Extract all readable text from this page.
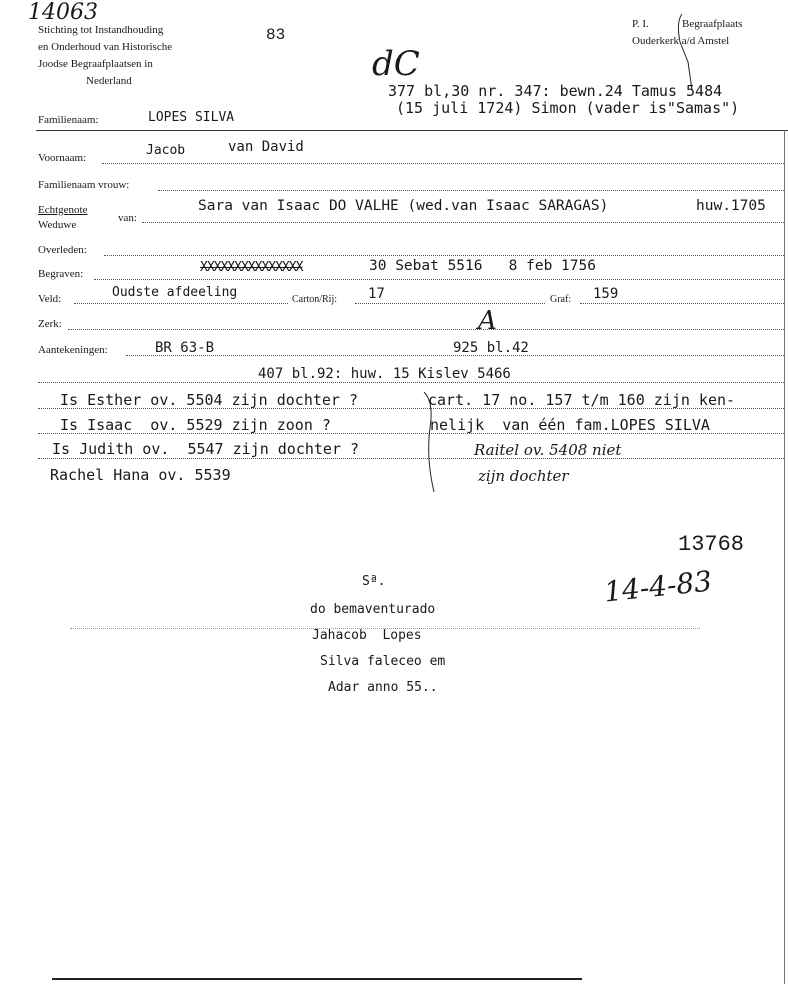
14063
Stichting tot Instandhouding
en Onderhoud van Historische
Joodse Begraafplaatsen in
Nederland
83
P. I.	Begraafplaats
Ouderkerk a/d Amstel
dC
377 bl,30 nr. 347: bewn.24 Tamus 5484
(15 juli 1724) Simon (vader is"Samas")
Familienaam:	LOPES SILVA
Voornaam:	Jacob	van David
Familienaam vrouw:
Echtgenote
Weduwe
van:
Sara van Isaac DO VALHE (wed.van Isaac SARAGAS)	huw.1705
Overleden:
Begraven:	XXXXXXXXXXXXXXX	30 Sebat 5516   8 feb 1756
Veld:	Oudste afdeeling	Carton/Rij: 17	Graf: 159
Zerk:	A
Aantekeningen:	BR 63-B	925 bl.42
407 bl.92: huw. 15 Kislev 5466
Is Esther ov. 5504 zijn dochter ?
Is Isaac  ov. 5529 zijn zoon ?
Is Judith ov.  5547 zijn dochter ?
Rachel Hana ov. 5539
cart. 17 no. 157 t/m 160 zijn ken-
nelijk  van één fam.LOPES SILVA
Raitel ov. 5408 niet
zijn dochter
13768
14-4-83
Sª.
do bemaventurado
Jahacob  Lopes
Silva faleceo em
Adar anno 55..
